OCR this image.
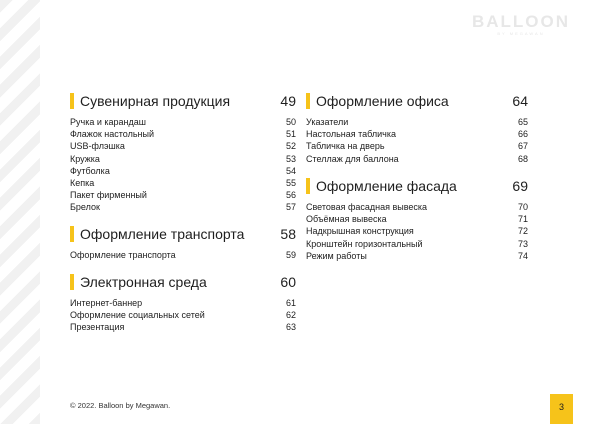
BALLOON
BY MEGAWAN
Сувенирная продукция	49
Ручка и карандаш	50
Флажок настольный	51
USB-флэшка	52
Кружка	53
Футболка	54
Кепка	55
Пакет фирменный	56
Брелок	57
Оформление транспорта	58
Оформление транспорта	59
Электронная среда	60
Интернет-баннер	61
Оформление социальных сетей	62
Презентация	63
Оформление офиса	64
Указатели	65
Настольная табличка	66
Табличка на дверь	67
Стеллаж для баллона	68
Оформление фасада	69
Световая фасадная вывеска	70
Объёмная вывеска	71
Надкрышная конструкция	72
Кронштейн горизонтальный	73
Режим работы	74
© 2022. Balloon by Megawan.	3
